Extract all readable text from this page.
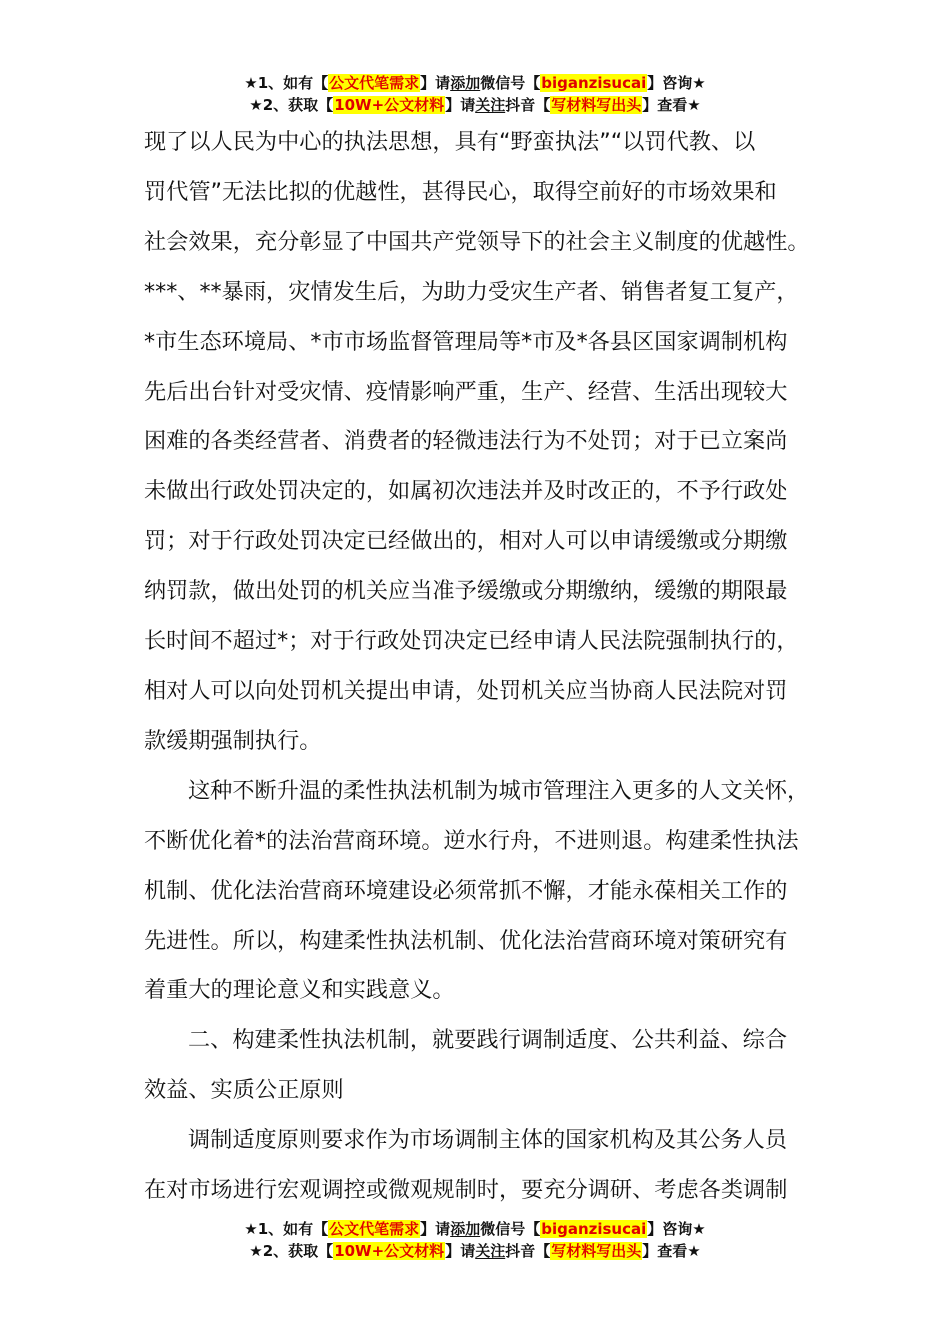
★1、如有【公文代笔需求】请添加微信号【biganzisucai】咨询★
★2、获取【10W+公文材料】请关注抖音【写材料写出头】查看★

现了以人民为中心的执法思想，具有“野蛮执法”“以罚代教、以
罚代管”无法比拟的优越性，甚得民心，取得空前好的市场效果和
社会效果，充分彰显了中国共产党领导下的社会主义制度的优越性。
***、**暴雨，灾情发生后，为助力受灾生产者、销售者复工复产，
*市生态环境局、*市市场监督管理局等*市及*各县区国家调制机构
先后出台针对受灾情、疫情影响严重，生产、经营、生活出现较大
困难的各类经营者、消费者的轻微违法行为不处罚；对于已立案尚
未做出行政处罚决定的，如属初次违法并及时改正的，不予行政处
罚；对于行政处罚决定已经做出的，相对人可以申请缓缴或分期缴
纳罚款，做出处罚的机关应当准予缓缴或分期缴纳，缓缴的期限最
长时间不超过*；对于行政处罚决定已经申请人民法院强制执行的，
相对人可以向处罚机关提出申请，处罚机关应当协商人民法院对罚
款缓期强制执行。

这种不断升温的柔性执法机制为城市管理注入更多的人文关怀，
不断优化着*的法治营商环境。逆水行舟，不进则退。构建柔性执法
机制、优化法治营商环境建设必须常抓不懈，才能永葆相关工作的
先进性。所以，构建柔性执法机制、优化法治营商环境对策研究有
着重大的理论意义和实践意义。

二、构建柔性执法机制，就要践行调制适度、公共利益、综合
效益、实质公正原则

调制适度原则要求作为市场调制主体的国家机构及其公务人员
在对市场进行宏观调控或微观规制时，要充分调研、考虑各类调制

★1、如有【公文代笔需求】请添加微信号【biganzisucai】咨询★
★2、获取【10W+公文材料】请关注抖音【写材料写出头】查看★
